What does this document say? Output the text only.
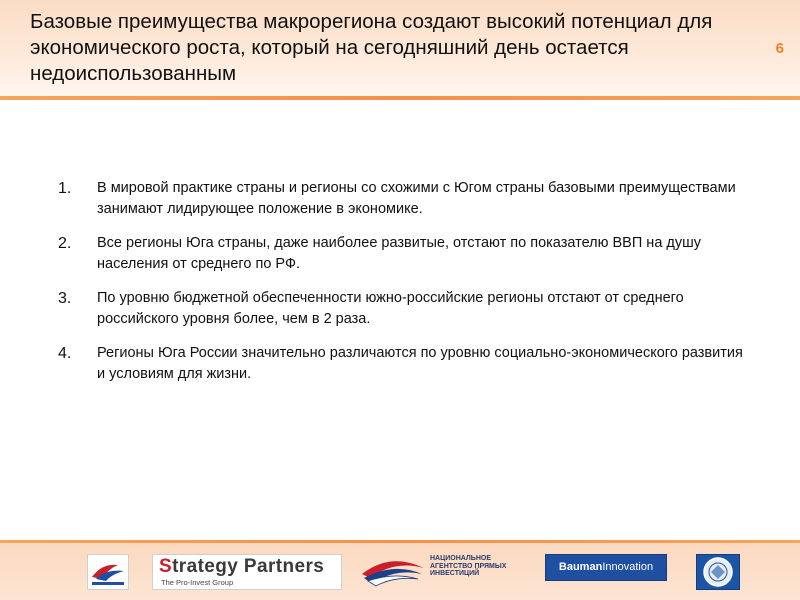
Базовые преимущества макрорегиона создают высокий потенциал для экономического роста, который на сегодняшний день остается недоиспользованным
6
1. В мировой практике страны и регионы со схожими с Югом страны базовыми преимуществами занимают лидирующее положение в экономике.
2. Все регионы Юга страны, даже наиболее развитые, отстают по показателю ВВП на душу населения от среднего по РФ.
3. По уровню бюджетной обеспеченности южно-российские регионы отстают от среднего российского уровня более, чем в 2 раза.
4. Регионы Юга России значительно различаются по уровню социально-экономического развития и условиям для жизни.
Strategy Partners
The Pro-Invest Group
НАЦИОНАЛЬНОЕ АГЕНТСТВО ПРЯМЫХ ИНВЕСТИЦИЙ
BaumanInnovation
